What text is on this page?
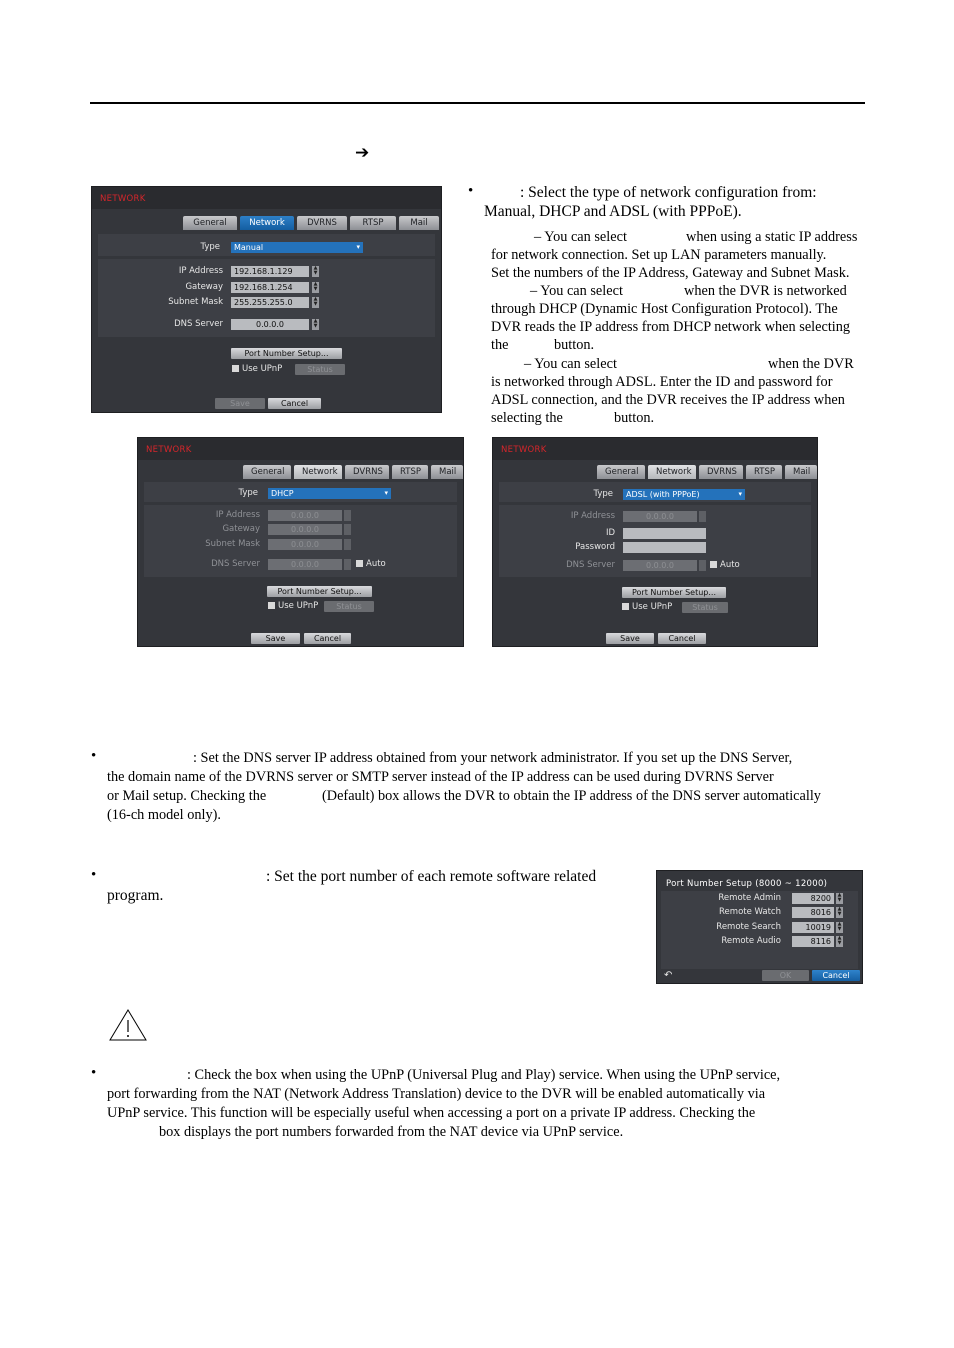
➔
NETWORK
General	Network	DVRNS	RTSP	Mail
Type	Manual	▾
IP Address	192.168.1.129	▲
▼
Gateway	192.168.1.254	▲
▼
Subnet Mask	255.255.255.0	▲
▼
DNS Server	0.0.0.0	▲
▼
Port Number Setup...
Use UPnP	Status
Save	Cancel
NETWORK
General	Network	DVRNS	RTSP	Mail
Type	DHCP	▾
IP Address	0.0.0.0
Gateway	0.0.0.0
Subnet Mask	0.0.0.0
DNS Server	0.0.0.0	Auto
Port Number Setup...
Use UPnP	Status
Save	Cancel
NETWORK
General	Network	DVRNS	RTSP	Mail
Type	ADSL (with PPPoE)	▾
IP Address	0.0.0.0
ID
Password
DNS Server	0.0.0.0	Auto
Port Number Setup...
Use UPnP	Status
Save	Cancel
Port Number Setup (8000 ~ 12000)
Remote Admin	8200	▲
▼
Remote Watch	8016	▲
▼
Remote Search	10019	▲
▼
Remote Audio	8116	▲
▼
↶	OK	Cancel
•	: Select the type of network configuration from:
Manual, DHCP and ADSL (with PPPoE).
– You can select	when using a static IP address
for network connection. Set up LAN parameters manually.
Set the numbers of the IP Address, Gateway and Subnet Mask.
– You can select	when the DVR is networked
through DHCP (Dynamic Host Configuration Protocol). The
DVR reads the IP address from DHCP network when selecting
the	button.
– You can select	when the DVR
is networked through ADSL. Enter the ID and password for
ADSL connection, and the DVR receives the IP address when
selecting the	button.
•	: Set the DNS server IP address obtained from your network administrator. If you set up the DNS Server,
the domain name of the DVRNS server or SMTP server instead of the IP address can be used during DVRNS Server
or Mail setup. Checking the	(Default) box allows the DVR to obtain the IP address of the DNS server automatically
(16-ch model only).
•	: Set the port number of each remote software related
program.
•	: Check the box when using the UPnP (Universal Plug and Play) service. When using the UPnP service,
port forwarding from the NAT (Network Address Translation) device to the DVR will be enabled automatically via
UPnP service. This function will be especially useful when accessing a port on a private IP address. Checking the
box displays the port numbers forwarded from the NAT device via UPnP service.
